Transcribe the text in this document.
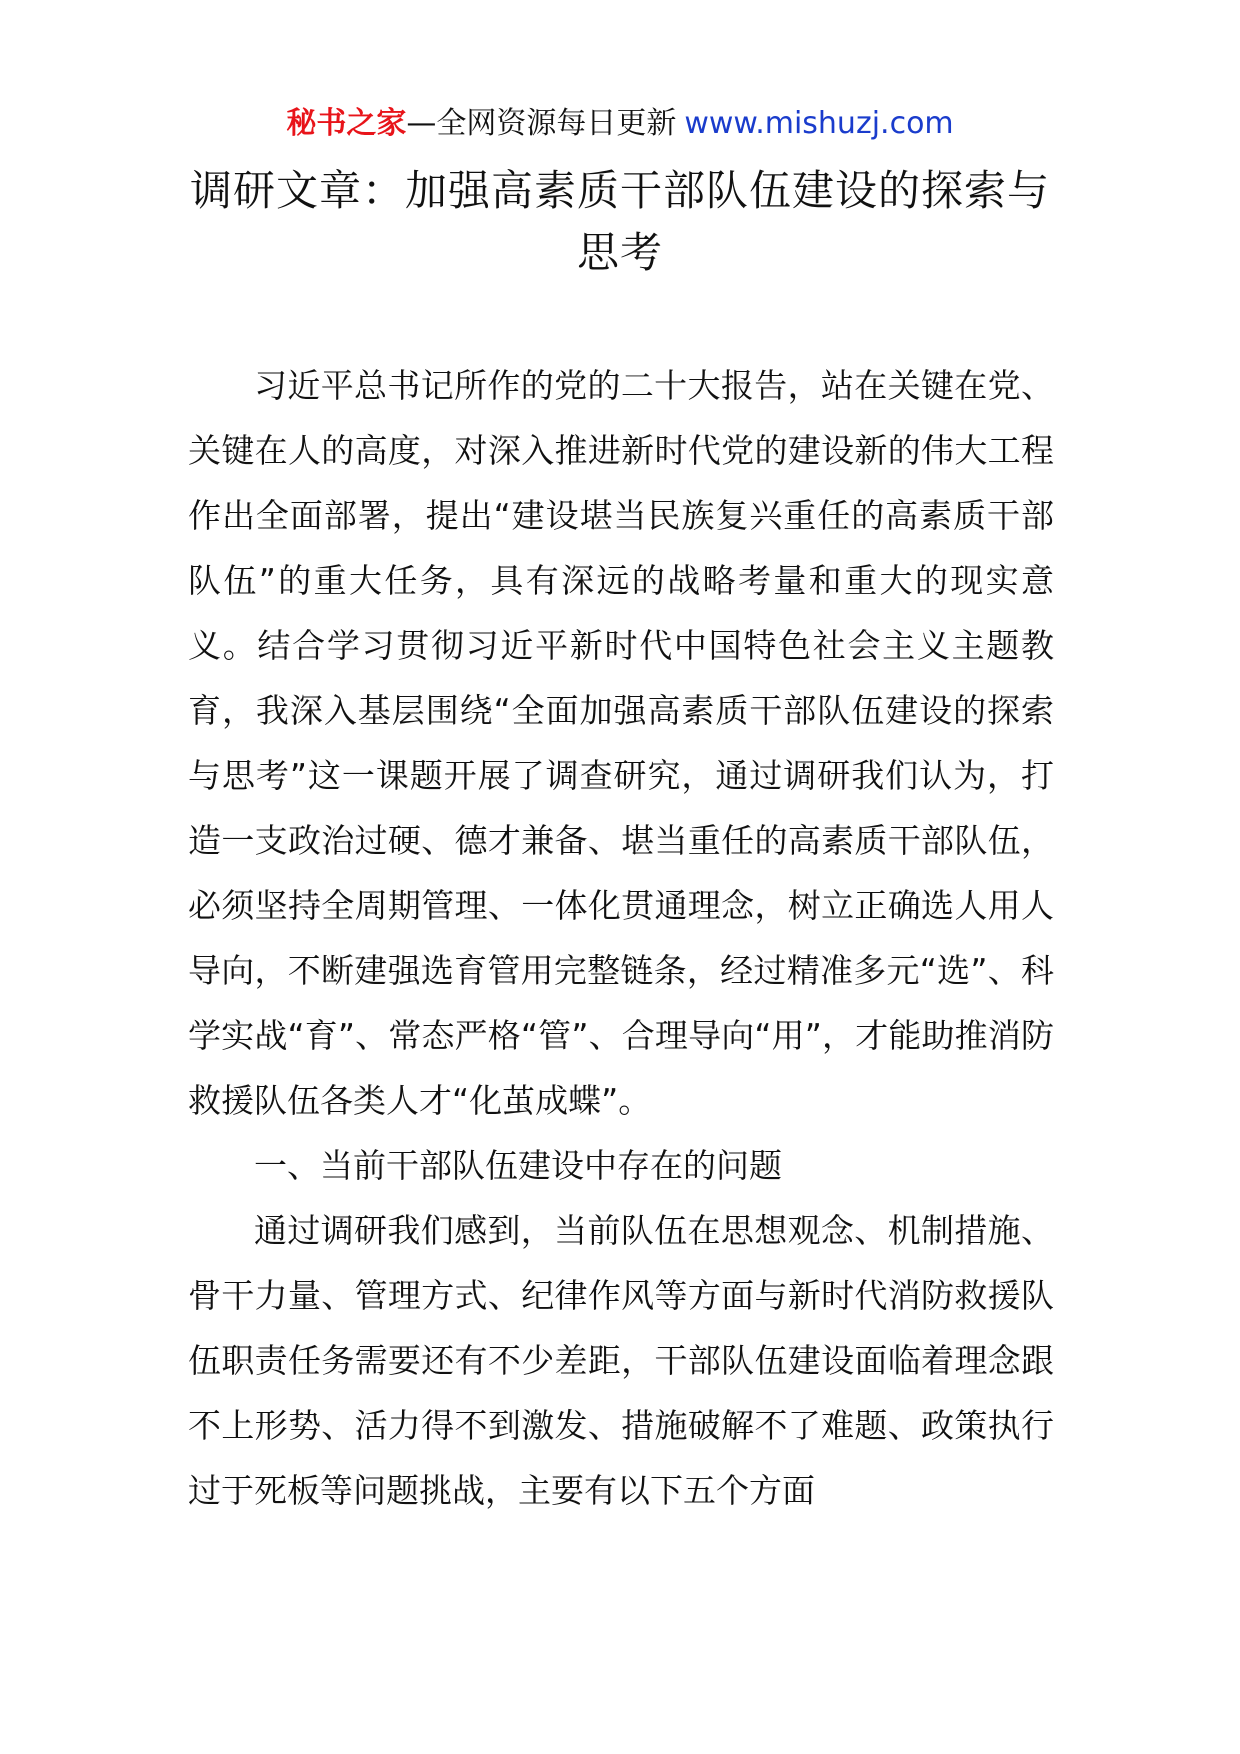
秘书之家—全网资源每日更新 www.mishuzj.com
调研文章：加强高素质干部队伍建设的探索与思考

习近平总书记所作的党的二十大报告，站在关键在党、关键在人的高度，对深入推进新时代党的建设新的伟大工程作出全面部署，提出“建设堪当民族复兴重任的高素质干部队伍”的重大任务，具有深远的战略考量和重大的现实意义。结合学习贯彻习近平新时代中国特色社会主义主题教育，我深入基层围绕“全面加强高素质干部队伍建设的探索与思考”这一课题开展了调查研究，通过调研我们认为，打造一支政治过硬、德才兼备、堪当重任的高素质干部队伍，必须坚持全周期管理、一体化贯通理念，树立正确选人用人导向，不断建强选育管用完整链条，经过精准多元“选”、科学实战“育”、常态严格“管”、合理导向“用”，才能助推消防救援队伍各类人才“化茧成蝶”。

一、当前干部队伍建设中存在的问题

通过调研我们感到，当前队伍在思想观念、机制措施、骨干力量、管理方式、纪律作风等方面与新时代消防救援队伍职责任务需要还有不少差距，干部队伍建设面临着理念跟不上形势、活力得不到激发、措施破解不了难题、政策执行过于死板等问题挑战，主要有以下五个方面
